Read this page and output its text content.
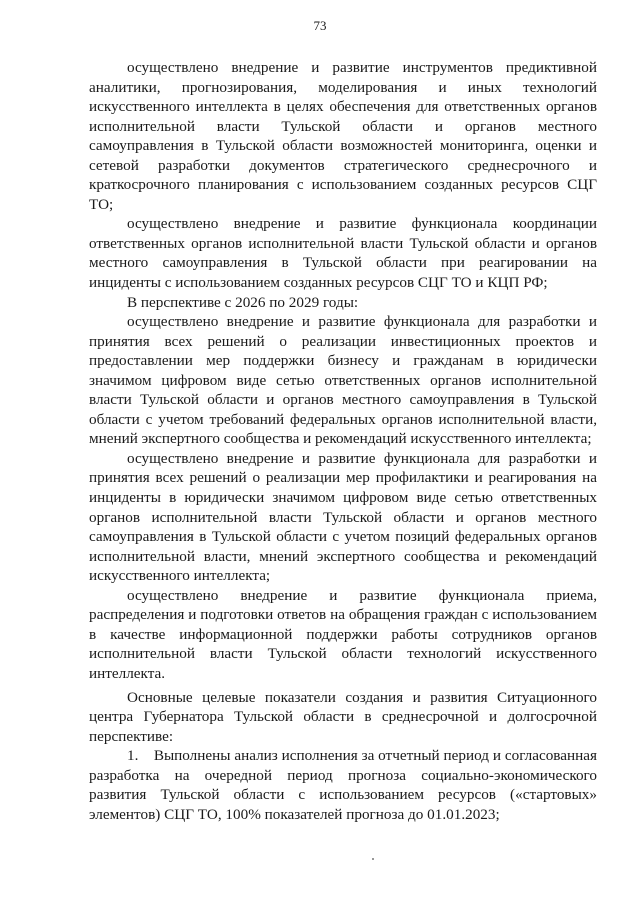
73

осуществлено внедрение и развитие инструментов предиктивной аналитики, прогнозирования, моделирования и иных технологий искусственного интеллекта в целях обеспечения для ответственных органов исполнительной власти Тульской области и органов местного самоуправления в Тульской области возможностей мониторинга, оценки и сетевой разработки документов стратегического среднесрочного и краткосрочного планирования с использованием созданных ресурсов СЦГ ТО;

осуществлено внедрение и развитие функционала координации ответственных органов исполнительной власти Тульской области и органов местного самоуправления в Тульской области при реагировании на инциденты с использованием созданных ресурсов СЦГ ТО и КЦП РФ;

В перспективе с 2026 по 2029 годы:

осуществлено внедрение и развитие функционала для разработки и принятия всех решений о реализации инвестиционных проектов и предоставлении мер поддержки бизнесу и гражданам в юридически значимом цифровом виде сетью ответственных органов исполнительной власти Тульской области и органов местного самоуправления в Тульской области с учетом требований федеральных органов исполнительной власти, мнений экспертного сообщества и рекомендаций искусственного интеллекта;

осуществлено внедрение и развитие функционала для разработки и принятия всех решений о реализации мер профилактики и реагирования на инциденты в юридически значимом цифровом виде сетью ответственных органов исполнительной власти Тульской области и органов местного самоуправления в Тульской области с учетом позиций федеральных органов исполнительной власти, мнений экспертного сообщества и рекомендаций искусственного интеллекта;

осуществлено внедрение и развитие функционала приема, распределения и подготовки ответов на обращения граждан с использованием в качестве информационной поддержки работы сотрудников органов исполнительной власти Тульской области технологий искусственного интеллекта.

Основные целевые показатели создания и развития Ситуационного центра Губернатора Тульской области в среднесрочной и долгосрочной перспективе:

1.    Выполнены анализ исполнения за отчетный период и согласованная разработка на очередной период прогноза социально-экономического развития Тульской области с использованием ресурсов («стартовых» элементов) СЦГ ТО, 100% показателей прогноза до 01.01.2023;
